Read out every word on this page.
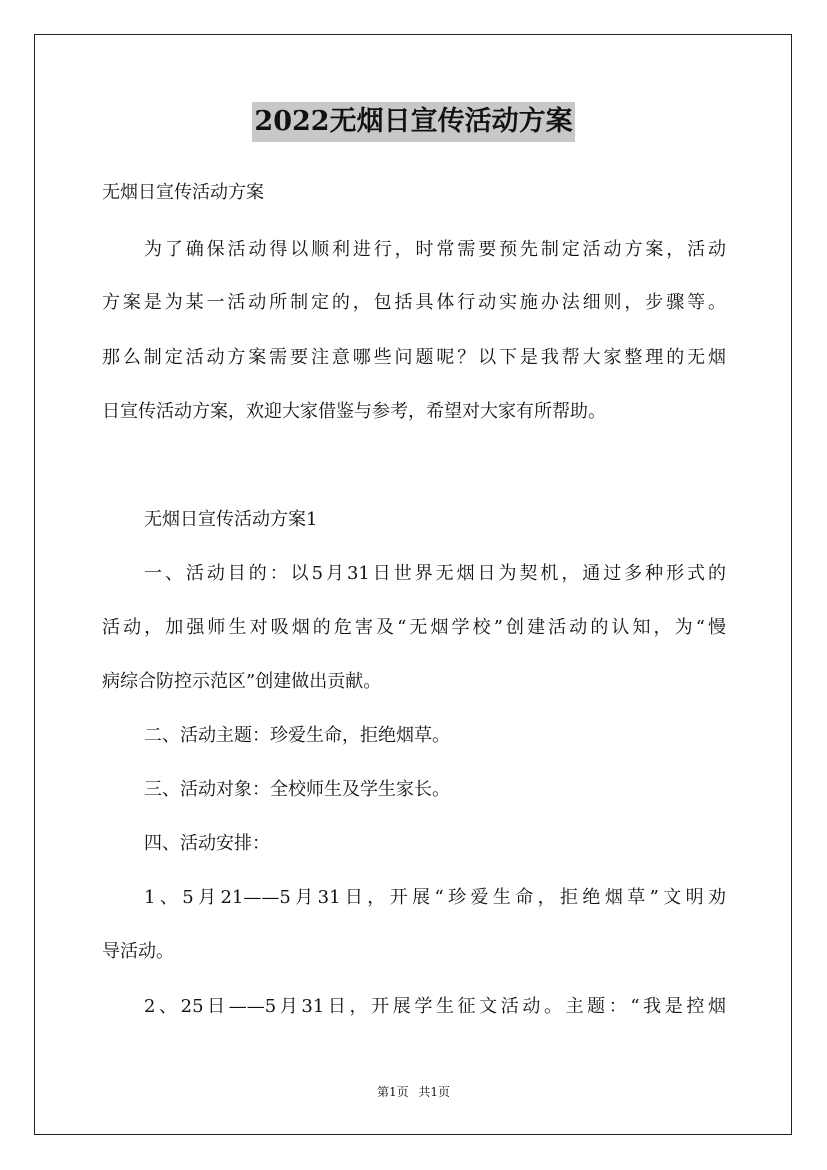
2022无烟日宣传活动方案
无烟日宣传活动方案
为了确保活动得以顺利进行，时常需要预先制定活动方案，活动
方案是为某一活动所制定的，包括具体行动实施办法细则，步骤等。
那么制定活动方案需要注意哪些问题呢？以下是我帮大家整理的无烟
日宣传活动方案，欢迎大家借鉴与参考，希望对大家有所帮助。
无烟日宣传活动方案1
一、活动目的：以5月31日世界无烟日为契机，通过多种形式的
活动，加强师生对吸烟的危害及“无烟学校”创建活动的认知，为“慢
病综合防控示范区”创建做出贡献。
二、活动主题：珍爱生命，拒绝烟草。
三、活动对象：全校师生及学生家长。
四、活动安排：
1、5月21——5月31日，开展“珍爱生命，拒绝烟草”文明劝
导活动。
2、25日——5月31日，开展学生征文活动。主题：“我是控烟
第1页 共1页
